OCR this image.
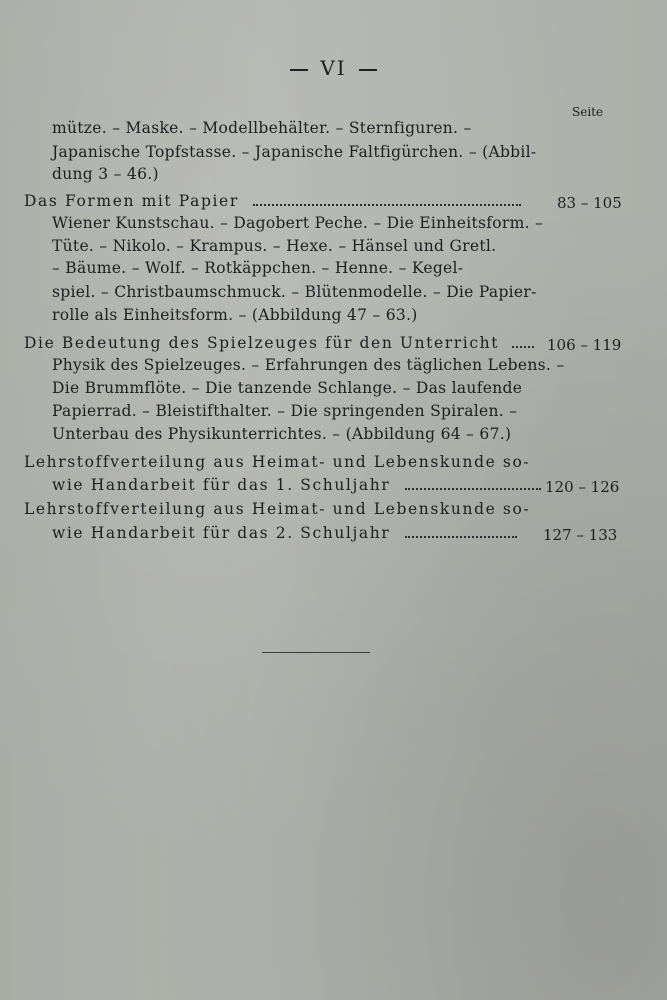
VI
Seite
mütze. – Maske. – Modellbehälter. – Sternfiguren. –
Japanische Topfstasse. – Japanische Faltfigürchen. – (Abbil-
dung 3 – 46.)
Das Formen mit Papier	83 – 105
Wiener Kunstschau. – Dagobert Peche. – Die Einheitsform. –
Tüte. – Nikolo. – Krampus. – Hexe. – Hänsel und Gretl.
– Bäume. – Wolf. – Rotkäppchen. – Henne. – Kegel-
spiel. – Christbaumschmuck. – Blütenmodelle. – Die Papier-
rolle als Einheitsform. – (Abbildung 47 – 63.)
Die Bedeutung des Spielzeuges für den Unterricht	106 – 119
Physik des Spielzeuges. – Erfahrungen des täglichen Lebens. –
Die Brummflöte. – Die tanzende Schlange. – Das laufende
Papierrad. – Bleistifthalter. – Die springenden Spiralen. –
Unterbau des Physikunterrichtes. – (Abbildung 64 – 67.)
Lehrstoffverteilung aus Heimat- und Lebenskunde so-
wie Handarbeit für das 1. Schuljahr	120 – 126
Lehrstoffverteilung aus Heimat- und Lebenskunde so-
wie Handarbeit für das 2. Schuljahr	127 – 133
